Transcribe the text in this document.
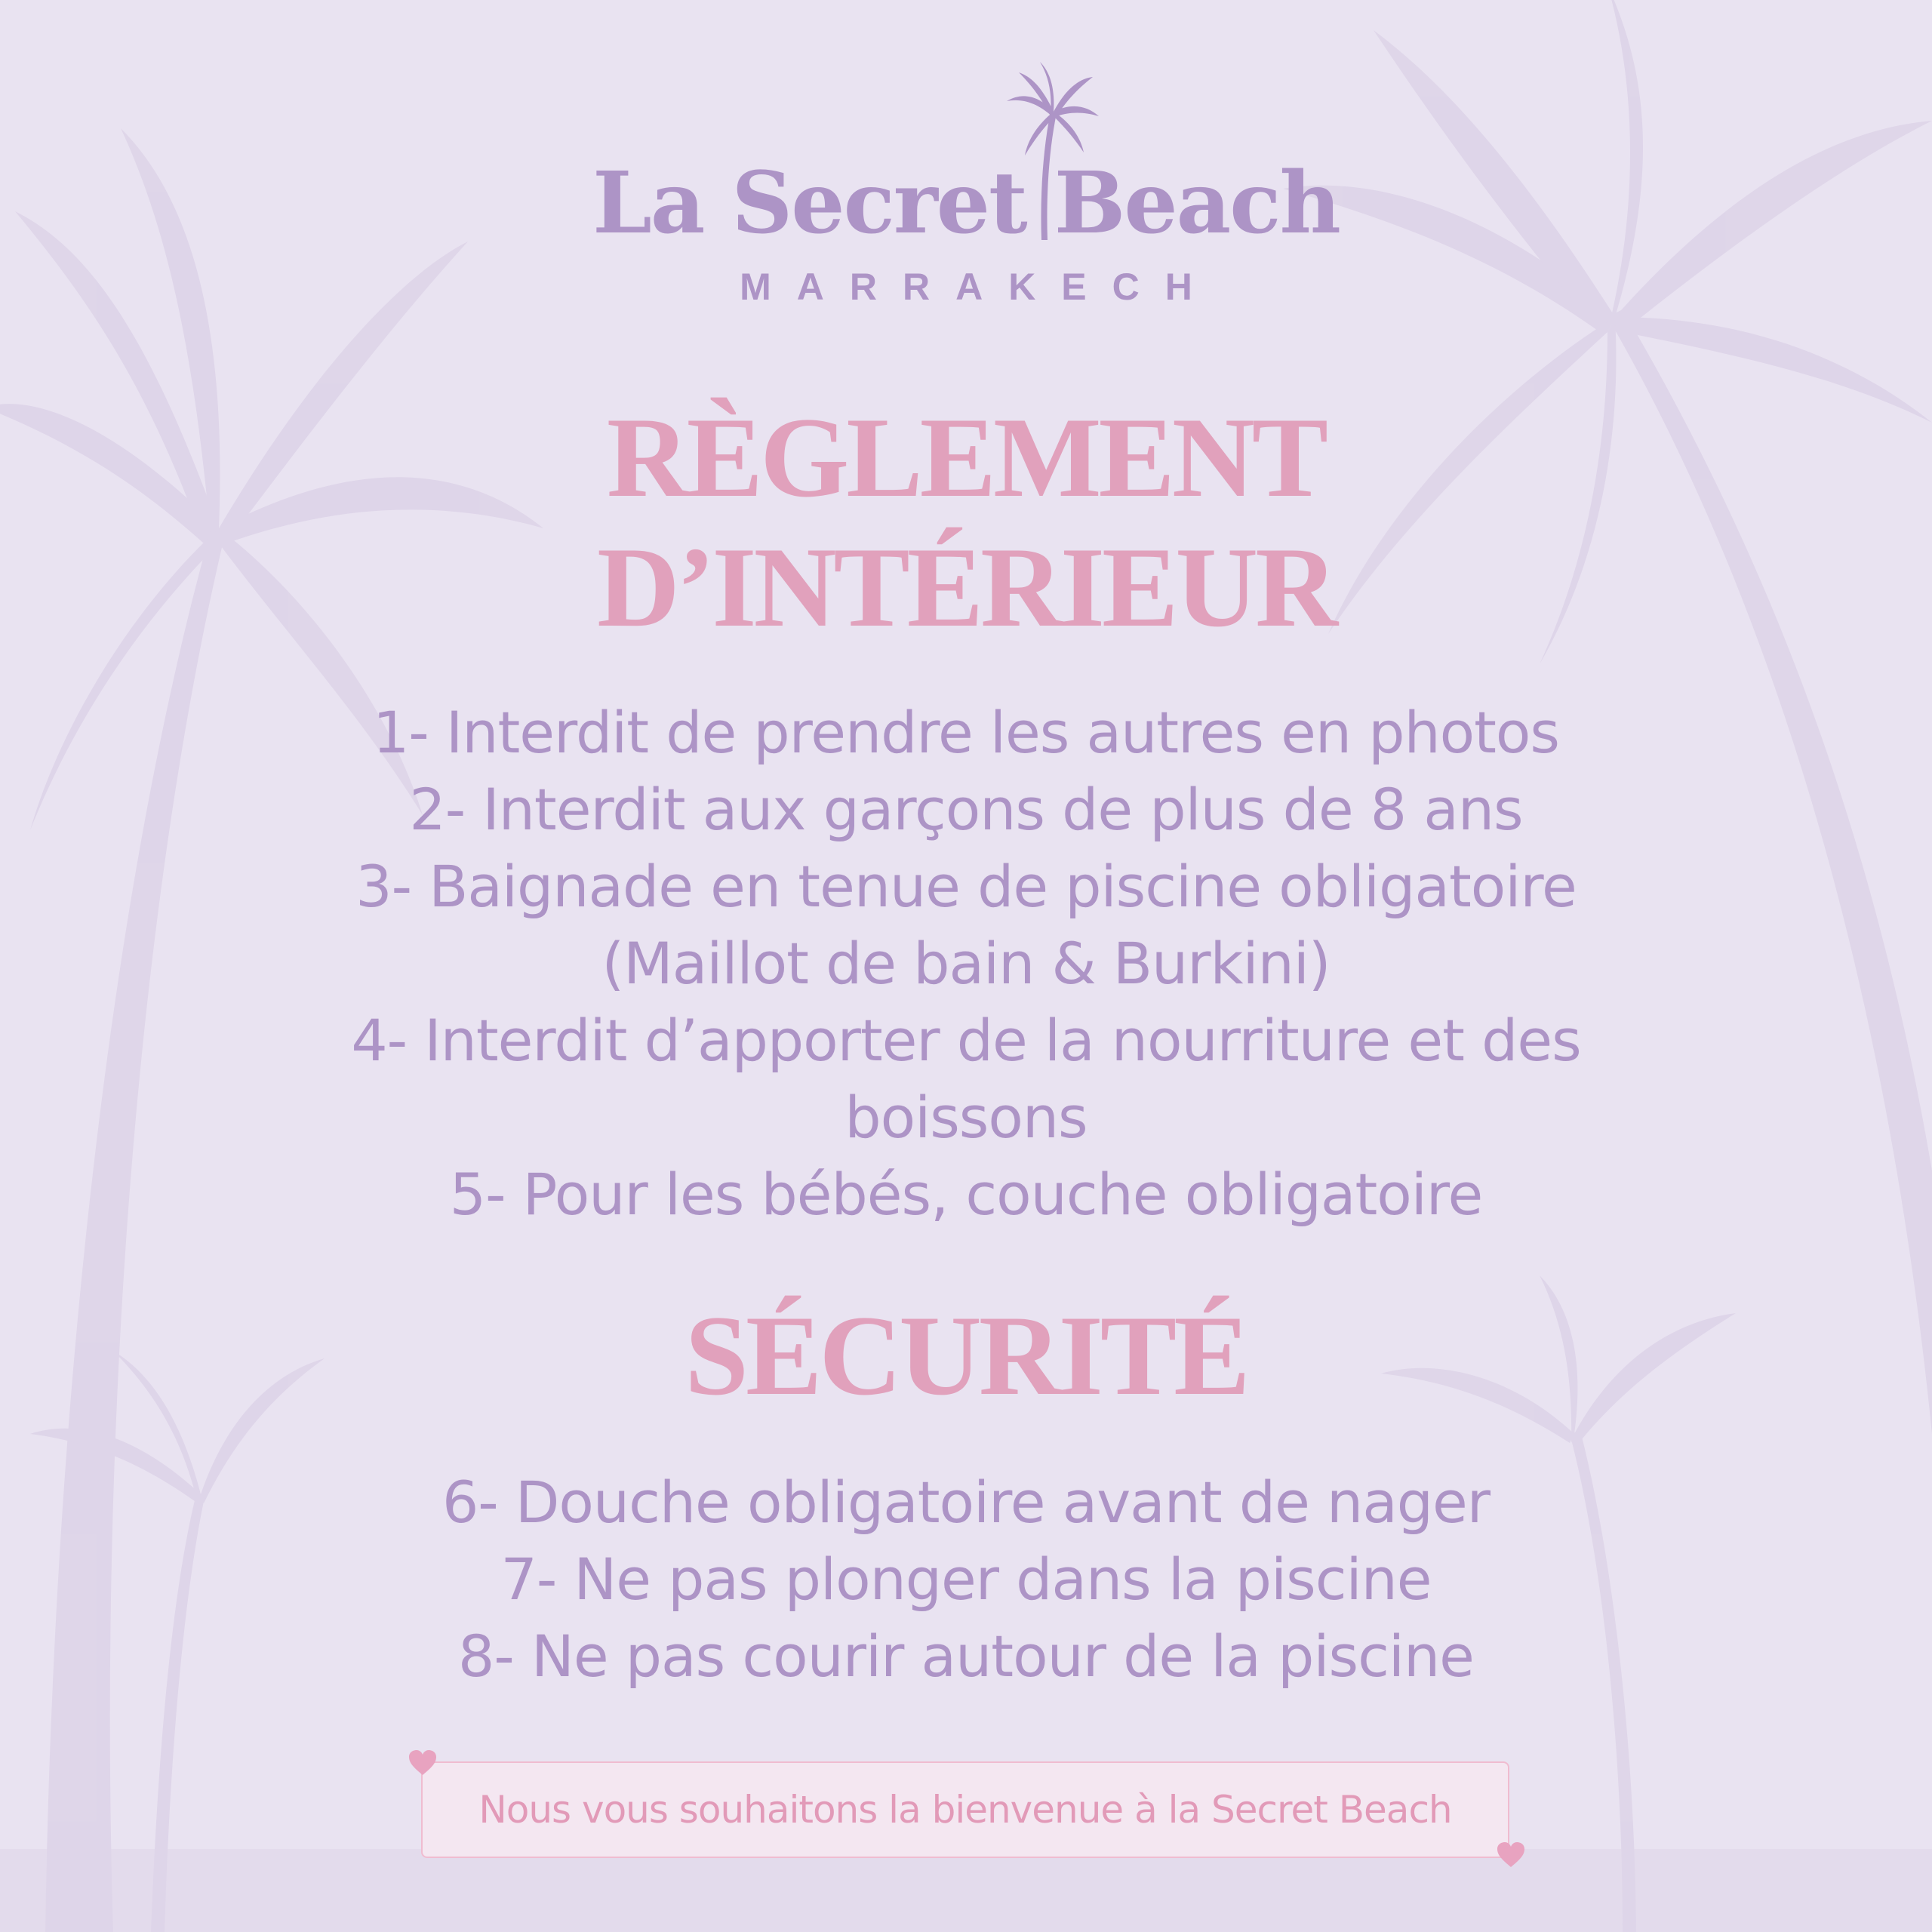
La Secret Beach
MARRAKECH
RÈGLEMENT
D’INTÉRIEUR
1- Interdit de prendre les autres en photos
2- Interdit aux garçons de plus de 8 ans
3- Baignade en tenue de piscine obligatoire (Maillot de bain & Burkini)
4- Interdit d’apporter de la nourriture et des boissons
5- Pour les bébés, couche obligatoire
SÉCURITÉ
6- Douche obligatoire avant de nager
7- Ne pas plonger dans la piscine
8- Ne pas courir autour de la piscine
Nous vous souhaitons la bienvenue à la Secret Beach
